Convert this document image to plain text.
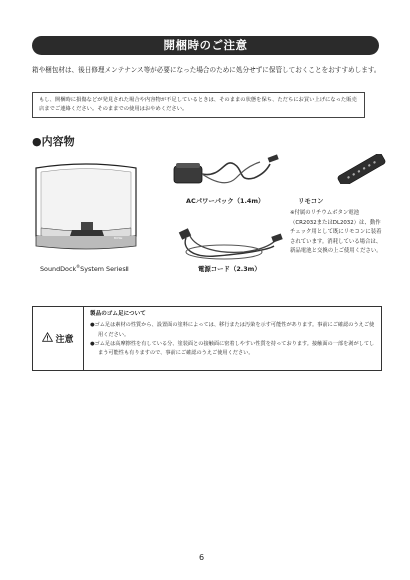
開梱時のご注意
箱や梱包材は、後日修理メンテナンス等が必要になった場合のために処分せずに保管しておくことをおすすめします。
もし、開梱時に損傷などが発見された場合や内容物が不足しているときは、そのままの状態を保ち、ただちにお買い上げになった販売店までご連絡ください。そのままでの使用はおやめください。
●内容物
BOSE
SoundDock®System SeriesⅡ
ACパワーパック（1.4m）
電源コード（2.3m）
リモコン
※付属のリチウムボタン電池（CR2032またはDL2032）は、動作チェック用として既にリモコンに装着されています。消耗している場合は、新品電池と交換の上ご使用ください。
注意
製品のゴム足について
●ゴム足は素材の性質から、設置面の塗料によっては、移行または汚染を示す可能性があります。事前にご確認のうえご使用ください。
●ゴム足は高摩擦性を有している分、塗装面との接触面に密着しやすい性質を持っております。接触面の一部を剥がしてしまう可能性も有りますので、事前にご確認のうえご使用ください。
6
